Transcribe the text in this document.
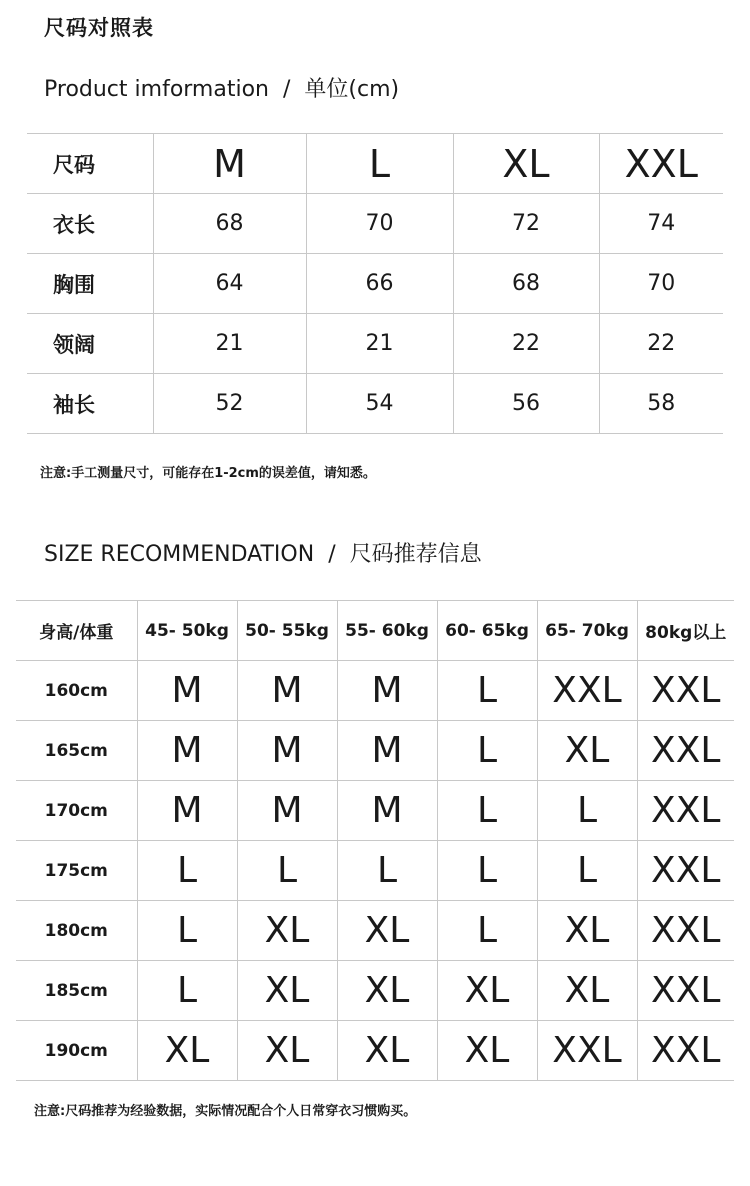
尺码对照表
Product imformation / 单位(cm)
尺码	M	L	XL	XXL
衣长	68	70	72	74
胸围	64	66	68	70
领阔	21	21	22	22
袖长	52	54	56	58
注意:手工测量尺寸，可能存在1-2cm的误差值，请知悉。
SIZE RECOMMENDATION / 尺码推荐信息
身高/体重	45- 50kg	50- 55kg	55- 60kg	60- 65kg	65- 70kg	80kg以上
160cm	M	M	M	L	XXL	XXL
165cm	M	M	M	L	XL	XXL
170cm	M	M	M	L	L	XXL
175cm	L	L	L	L	L	XXL
180cm	L	XL	XL	L	XL	XXL
185cm	L	XL	XL	XL	XL	XXL
190cm	XL	XL	XL	XL	XXL	XXL
注意:尺码推荐为经验数据，实际情况配合个人日常穿衣习惯购买。
